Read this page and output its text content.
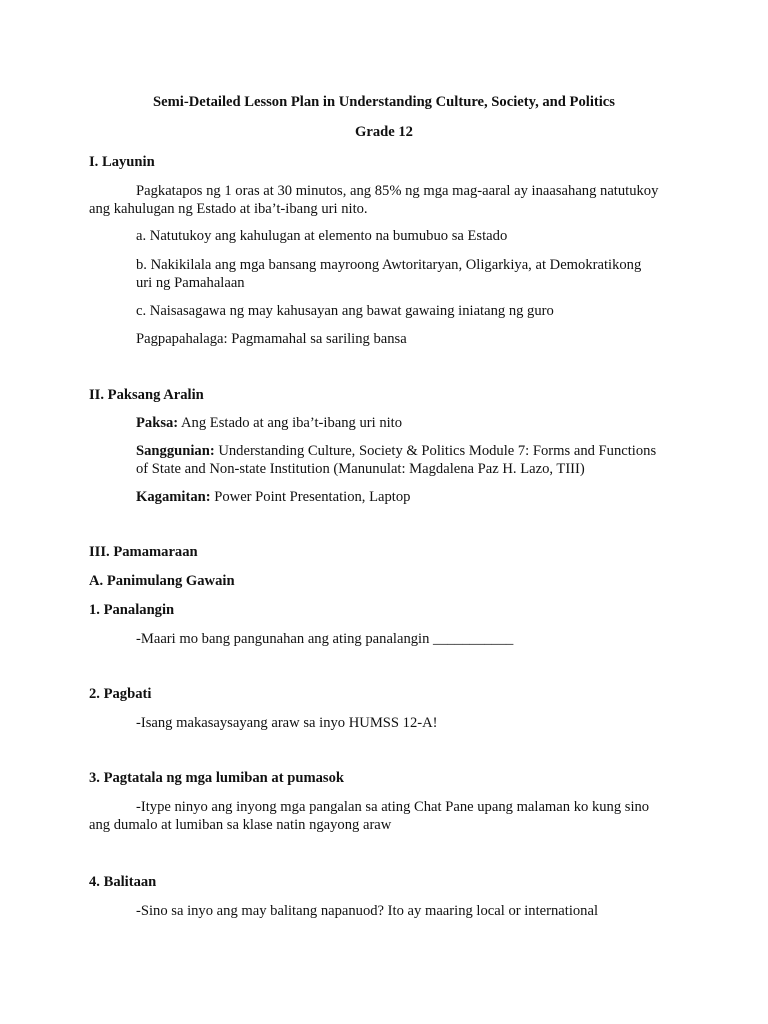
Semi-Detailed Lesson Plan in Understanding Culture, Society, and Politics

Grade 12

I. Layunin

Pagkatapos ng 1 oras at 30 minutos, ang 85% ng mga mag-aaral ay inaasahang natutukoy

ang kahulugan ng Estado at iba’t-ibang uri nito.

a. Natutukoy ang kahulugan at elemento na bumubuo sa Estado

b. Nakikilala ang mga bansang mayroong Awtoritaryan, Oligarkiya, at Demokratikong

uri ng Pamahalaan

c. Naisasagawa ng may kahusayan ang bawat gawaing iniatang ng guro

Pagpapahalaga: Pagmamahal sa sariling bansa

II. Paksang Aralin

Paksa: Ang Estado at ang iba’t-ibang uri nito

Sanggunian: Understanding Culture, Society & Politics Module 7: Forms and Functions

of State and Non-state Institution (Manunulat: Magdalena Paz H. Lazo, TIII)

Kagamitan: Power Point Presentation, Laptop

III. Pamamaraan

A. Panimulang Gawain

1. Panalangin

-Maari mo bang pangunahan ang ating panalangin ___________

2. Pagbati

-Isang makasaysayang araw sa inyo HUMSS 12-A!

3. Pagtatala ng mga lumiban at pumasok

-Itype ninyo ang inyong mga pangalan sa ating Chat Pane upang malaman ko kung sino

ang dumalo at lumiban sa klase natin ngayong araw

4. Balitaan

-Sino sa inyo ang may balitang napanuod? Ito ay maaring local or international
